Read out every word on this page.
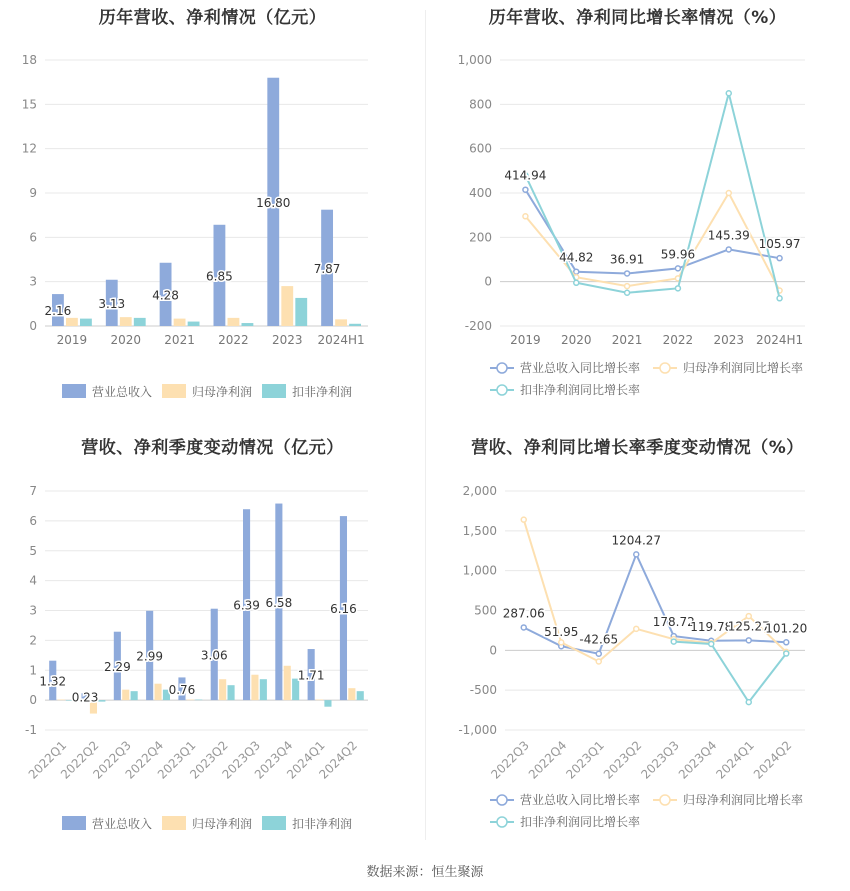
历年营收、净利情况（亿元）
0
3
6
9
12
15
18
2019 2020 2021 2022 2023 2024H1
2.16
3.13
4.28
6.85
16.80
7.87
营业总收入	归母净利润	扣非净利润
历年营收、净利同比增长率情况（%）
-200
0
200
400
600
800
1,000
2019 2020 2021 2022 2023 2024H1
414.94
44.82 36.91 59.96
145.39
105.97
营业总收入同比增长率	归母净利润同比增长率
扣非净利润同比增长率
营收、净利季度变动情况（亿元）
-1
0
1
2
3
4
5
6
7
2022Q1
2022Q2
2022Q3
2022Q4
2023Q1
2023Q2
2023Q3
2023Q4
2024Q1
2024Q2
1.32
0.23
2.29
2.99
0.76
3.06
6.39 6.58
1.71
6.16
营业总收入	归母净利润	扣非净利润
营收、净利同比增长率季度变动情况（%）
-1,000
-500
0
500
1,000
1,500
2,000
2022Q3
2022Q4
2023Q1
2023Q2
2023Q3
2023Q4
2024Q1
2024Q2
287.06
51.95
-42.65
1204.27
178.72
119.78
125.27
101.20
营业总收入同比增长率	归母净利润同比增长率
扣非净利润同比增长率
数据来源：恒生聚源
